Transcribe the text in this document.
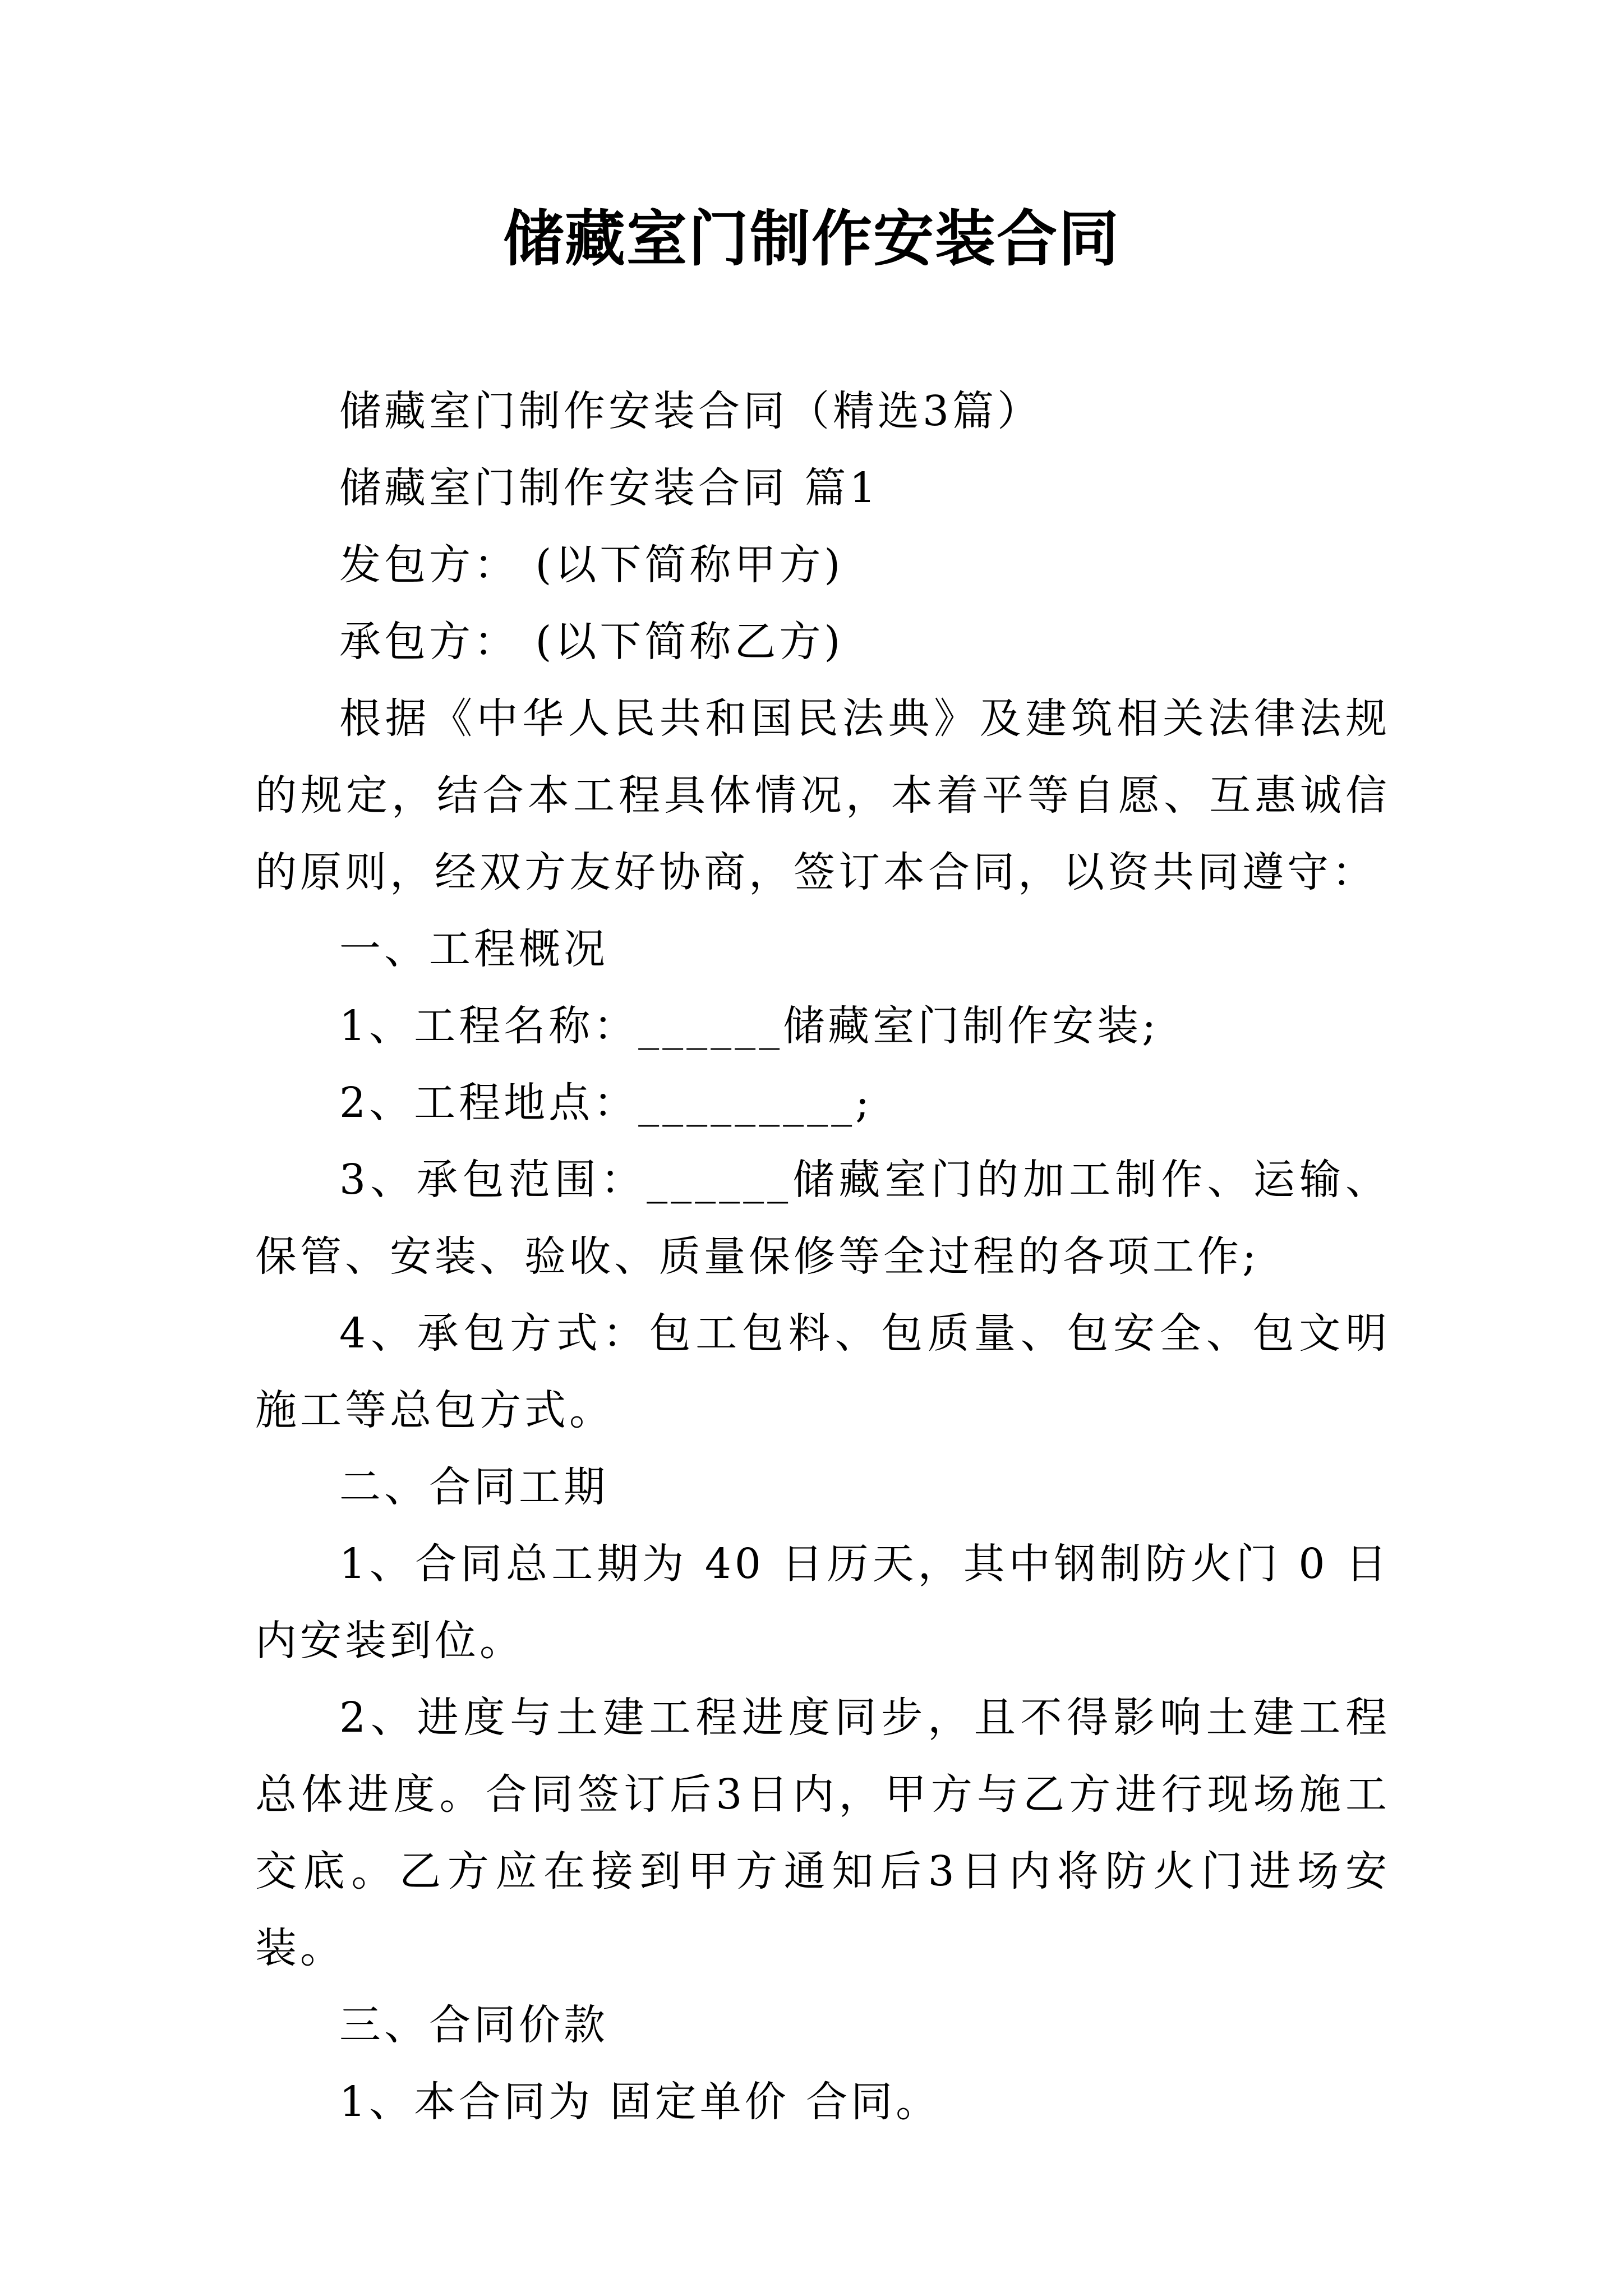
储藏室门制作安装合同

储藏室门制作安装合同（精选3篇）

储藏室门制作安装合同 篇1

发包方： (以下简称甲方)

承包方： (以下简称乙方)

根据《中华人民共和国民法典》及建筑相关法律法规的规定，结合本工程具体情况，本着平等自愿、互惠诚信的原则，经双方友好协商，签订本合同，以资共同遵守：

一、工程概况

1、工程名称：______储藏室门制作安装;

2、工程地点：_________;

3、承包范围：______储藏室门的加工制作、运输、保管、安装、验收、质量保修等全过程的各项工作;

4、承包方式：包工包料、包质量、包安全、包文明施工等总包方式。

二、合同工期

1、合同总工期为 40 日历天，其中钢制防火门 0 日内安装到位。

2、进度与土建工程进度同步，且不得影响土建工程总体进度。合同签订后3日内，甲方与乙方进行现场施工交底。乙方应在接到甲方通知后3日内将防火门进场安装。

三、合同价款

1、本合同为 固定单价 合同。
